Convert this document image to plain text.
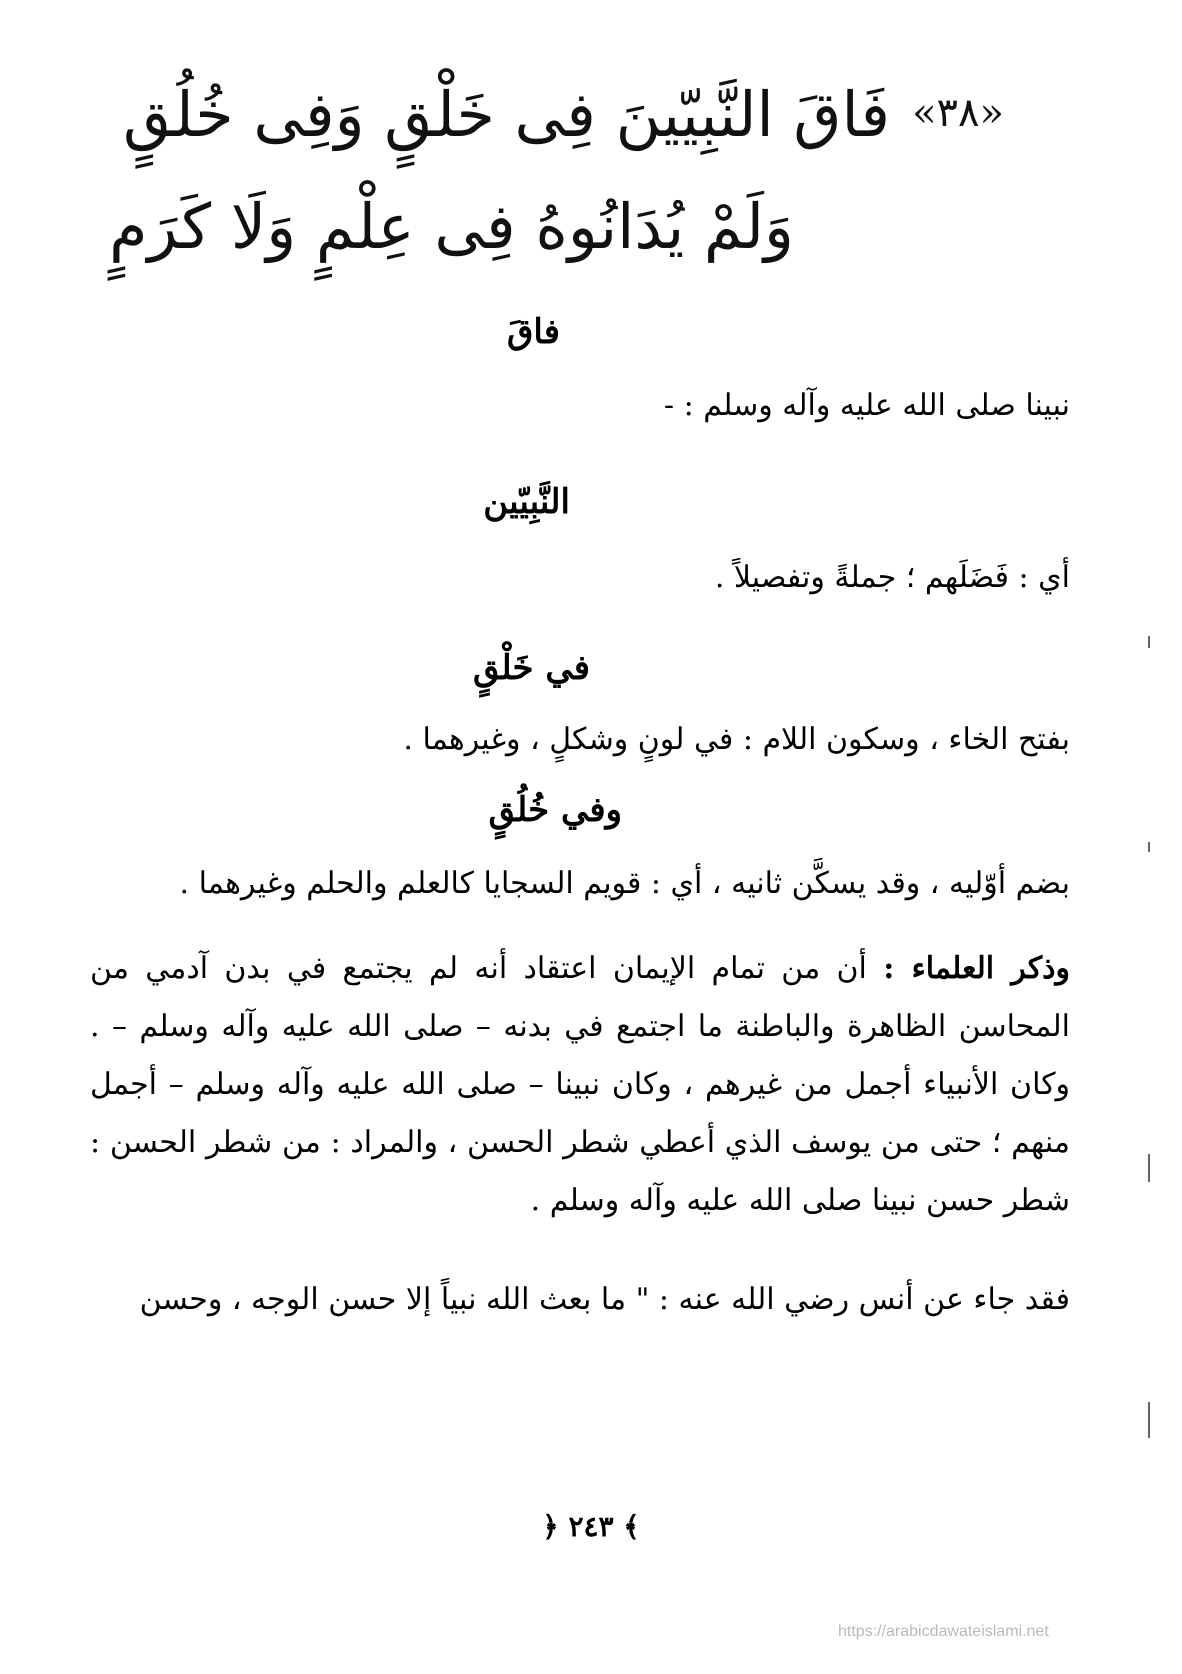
«٣٨»فَاقَ النَّبِيّينَ فِى خَلْقٍ وَفِى خُلُقٍ
وَلَمْ يُدَانُوهُ فِى عِلْمٍ وَلَا كَرَمٍ
فاقَ
نبينا صلى الله عليه وآله وسلم : -
النَّبِيّين
أي : فَضَلَهم ؛ جملةً وتفصيلاً .
في خَلْقٍ
بفتح الخاء ، وسكون اللام : في لونٍ وشكلٍ ، وغيرهما .
وفي خُلُقٍ
بضم أوّليه ، وقد يسكَّن ثانيه ، أي : قويم السجايا كالعلم والحلم وغيرهما .
وذكر العلماء : أن من تمام الإيمان اعتقاد أنه لم يجتمع في بدن آدمي من المحاسن الظاهرة والباطنة ما اجتمع في بدنه – صلى الله عليه وآله وسلم – . وكان الأنبياء أجمل من غيرهم ، وكان نبينا – صلى الله عليه وآله وسلم – أجمل منهم ؛ حتى من يوسف الذي أعطي شطر الحسن ، والمراد : من شطر الحسن : شطر حسن نبينا صلى الله عليه وآله وسلم .
فقد جاء عن أنس رضي الله عنه : " ما بعث الله نبياً إلا حسن الوجه ، وحسن
﴿ ٢٤٣ ﴾
https://arabicdawateislami.net
